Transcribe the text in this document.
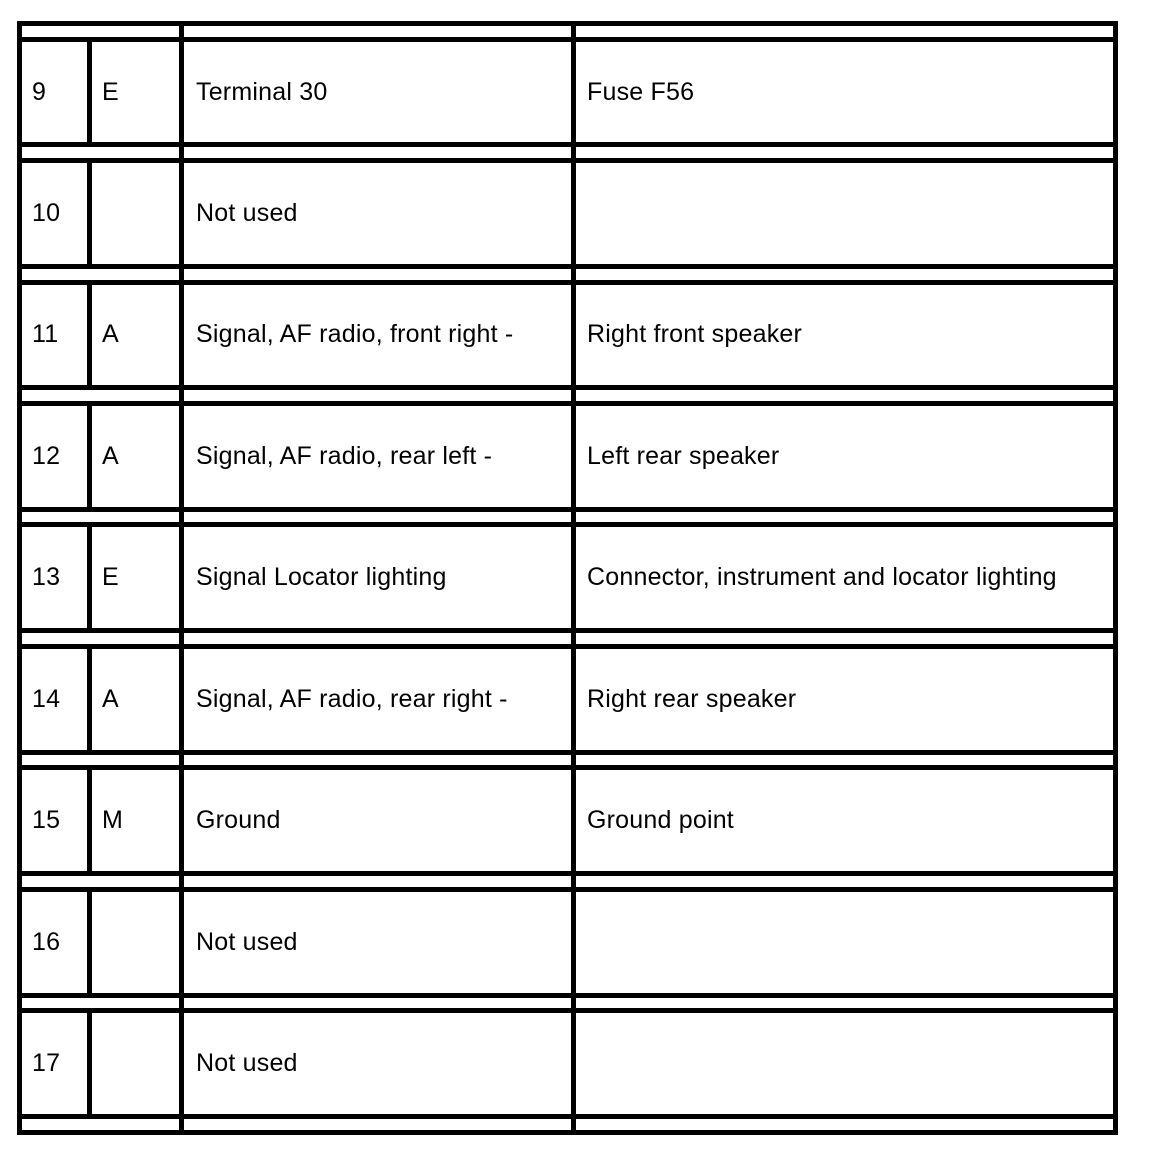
9	E	Terminal 30	Fuse F56

10		Not used	

11	A	Signal, AF radio, front right -	Right front speaker

12	A	Signal, AF radio, rear left -	Left rear speaker

13	E	Signal Locator lighting	Connector, instrument and locator lighting

14	A	Signal, AF radio, rear right -	Right rear speaker

15	M	Ground	Ground point

16		Not used	

17		Not used	
